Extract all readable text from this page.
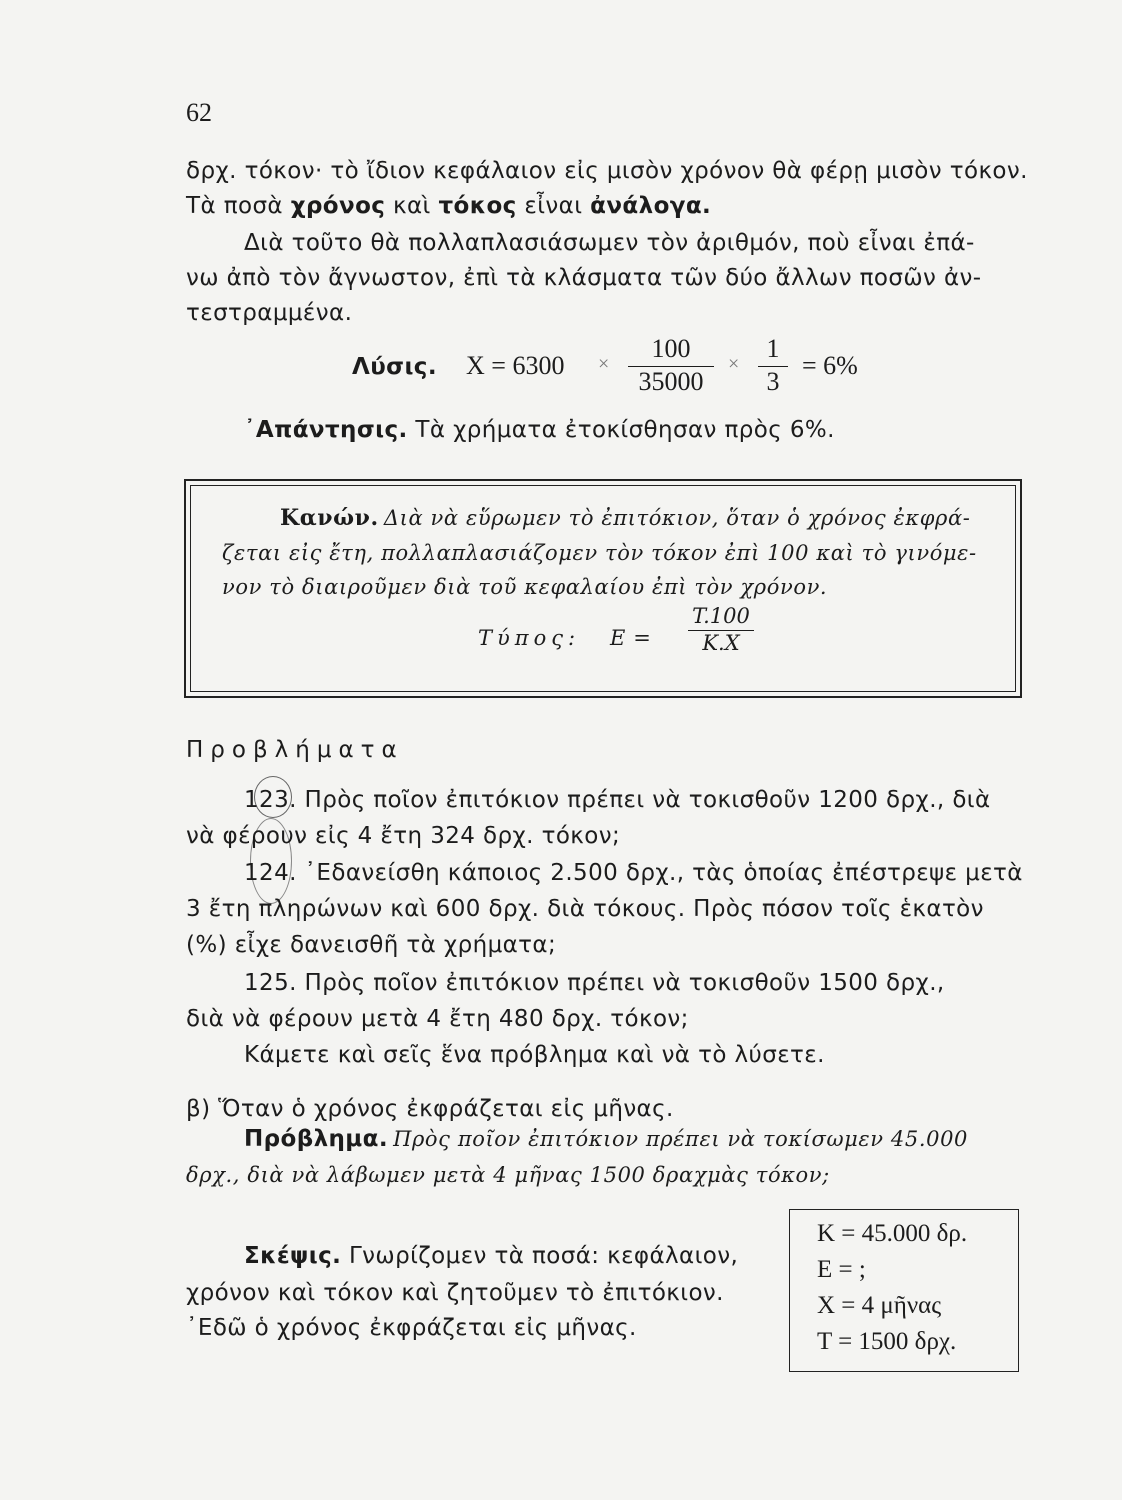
62
δρχ. τόκον· τὸ ἴδιον κεφάλαιον εἰς μισὸν χρόνον θὰ φέρῃ μισὸν τόκον.
Τὰ ποσὰ χρόνος καὶ τόκος εἶναι ἀνάλογα.
Διὰ τοῦτο θὰ πολλαπλασιάσωμεν τὸν ἀριθμόν, ποὺ εἶναι ἐπά-
νω ἀπὸ τὸν ἄγνωστον, ἐπὶ τὰ κλάσματα τῶν δύο ἄλλων ποσῶν ἀν-
τεστραμμένα.
Λύσις. X = 6300 ×
100
35000
×
1
3
= 6%
᾿Απάντησις. Τὰ χρήματα ἐτοκίσθησαν πρὸς 6%.
Κανών. Διὰ νὰ εὕρωμεν τὸ ἐπιτόκιον, ὅταν ὁ χρόνος ἐκφρά-
ζεται εἰς ἔτη, πολλαπλασιάζομεν τὸν τόκον ἐπὶ 100 καὶ τὸ γινόμε-
νον τὸ διαιροῦμεν διὰ τοῦ κεφαλαίου ἐπὶ τὸν χρόνον.
Τύπος: E =
T.100
K.X
Προβλήματα
123. Πρὸς ποῖον ἐπιτόκιον πρέπει νὰ τοκισθοῦν 1200 δρχ., διὰ
νὰ φέρουν εἰς 4 ἔτη 324 δρχ. τόκον;
124. ᾿Εδανείσθη κάποιος 2.500 δρχ., τὰς ὁποίας ἐπέστρεψε μετὰ
3 ἔτη πληρώνων καὶ 600 δρχ. διὰ τόκους. Πρὸς πόσον τοῖς ἑκατὸν
(%) εἶχε δανεισθῆ τὰ χρήματα;
125. Πρὸς ποῖον ἐπιτόκιον πρέπει νὰ τοκισθοῦν 1500 δρχ.,
διὰ νὰ φέρουν μετὰ 4 ἔτη 480 δρχ. τόκον;
Κάμετε καὶ σεῖς ἕνα πρόβλημα καὶ νὰ τὸ λύσετε.
β) Ὅταν ὁ χρόνος ἐκφράζεται εἰς μῆνας.
Πρόβλημα. Πρὸς ποῖον ἐπιτόκιον πρέπει νὰ τοκίσωμεν 45.000
δρχ., διὰ νὰ λάβωμεν μετὰ 4 μῆνας 1500 δραχμὰς τόκον;
Σκέψις. Γνωρίζομεν τὰ ποσά: κεφάλαιον,
χρόνον καὶ τόκον καὶ ζητοῦμεν τὸ ἐπιτόκιον.
᾿Εδῶ ὁ χρόνος ἐκφράζεται εἰς μῆνας.
K = 45.000 δρ.
E = ;
X = 4 μῆνας
T = 1500 δρχ.
